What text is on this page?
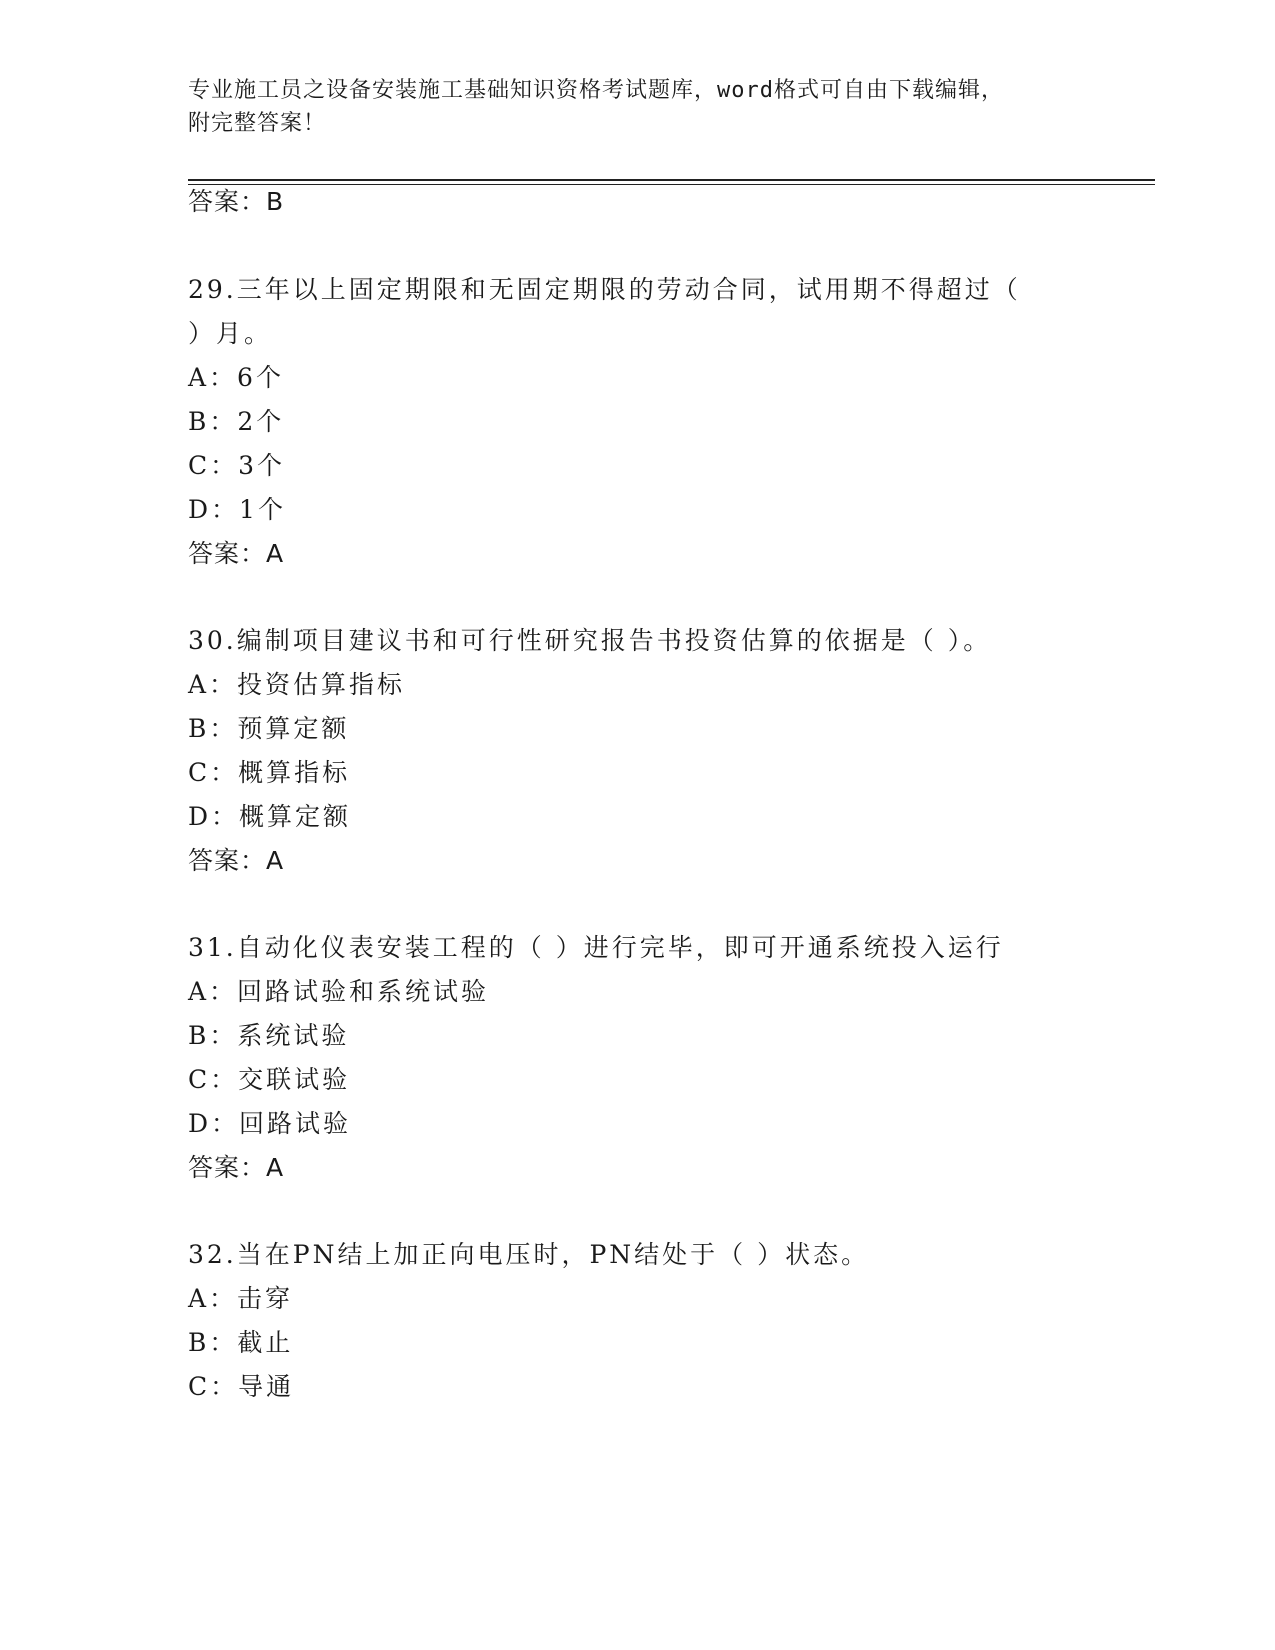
专业施工员之设备安装施工基础知识资格考试题库，word格式可自由下载编辑，
附完整答案！
答案：B
29.三年以上固定期限和无固定期限的劳动合同，试用期不得超过（
）月。
A：6个
B：2个
C：3个
D：1个
答案：A
30.编制项目建议书和可行性研究报告书投资估算的依据是（ ）。
A：投资估算指标
B：预算定额
C：概算指标
D：概算定额
答案：A
31.自动化仪表安装工程的（ ）进行完毕，即可开通系统投入运行
A：回路试验和系统试验
B：系统试验
C：交联试验
D：回路试验
答案：A
32.当在PN结上加正向电压时，PN结处于（ ）状态。
A：击穿
B：截止
C：导通
